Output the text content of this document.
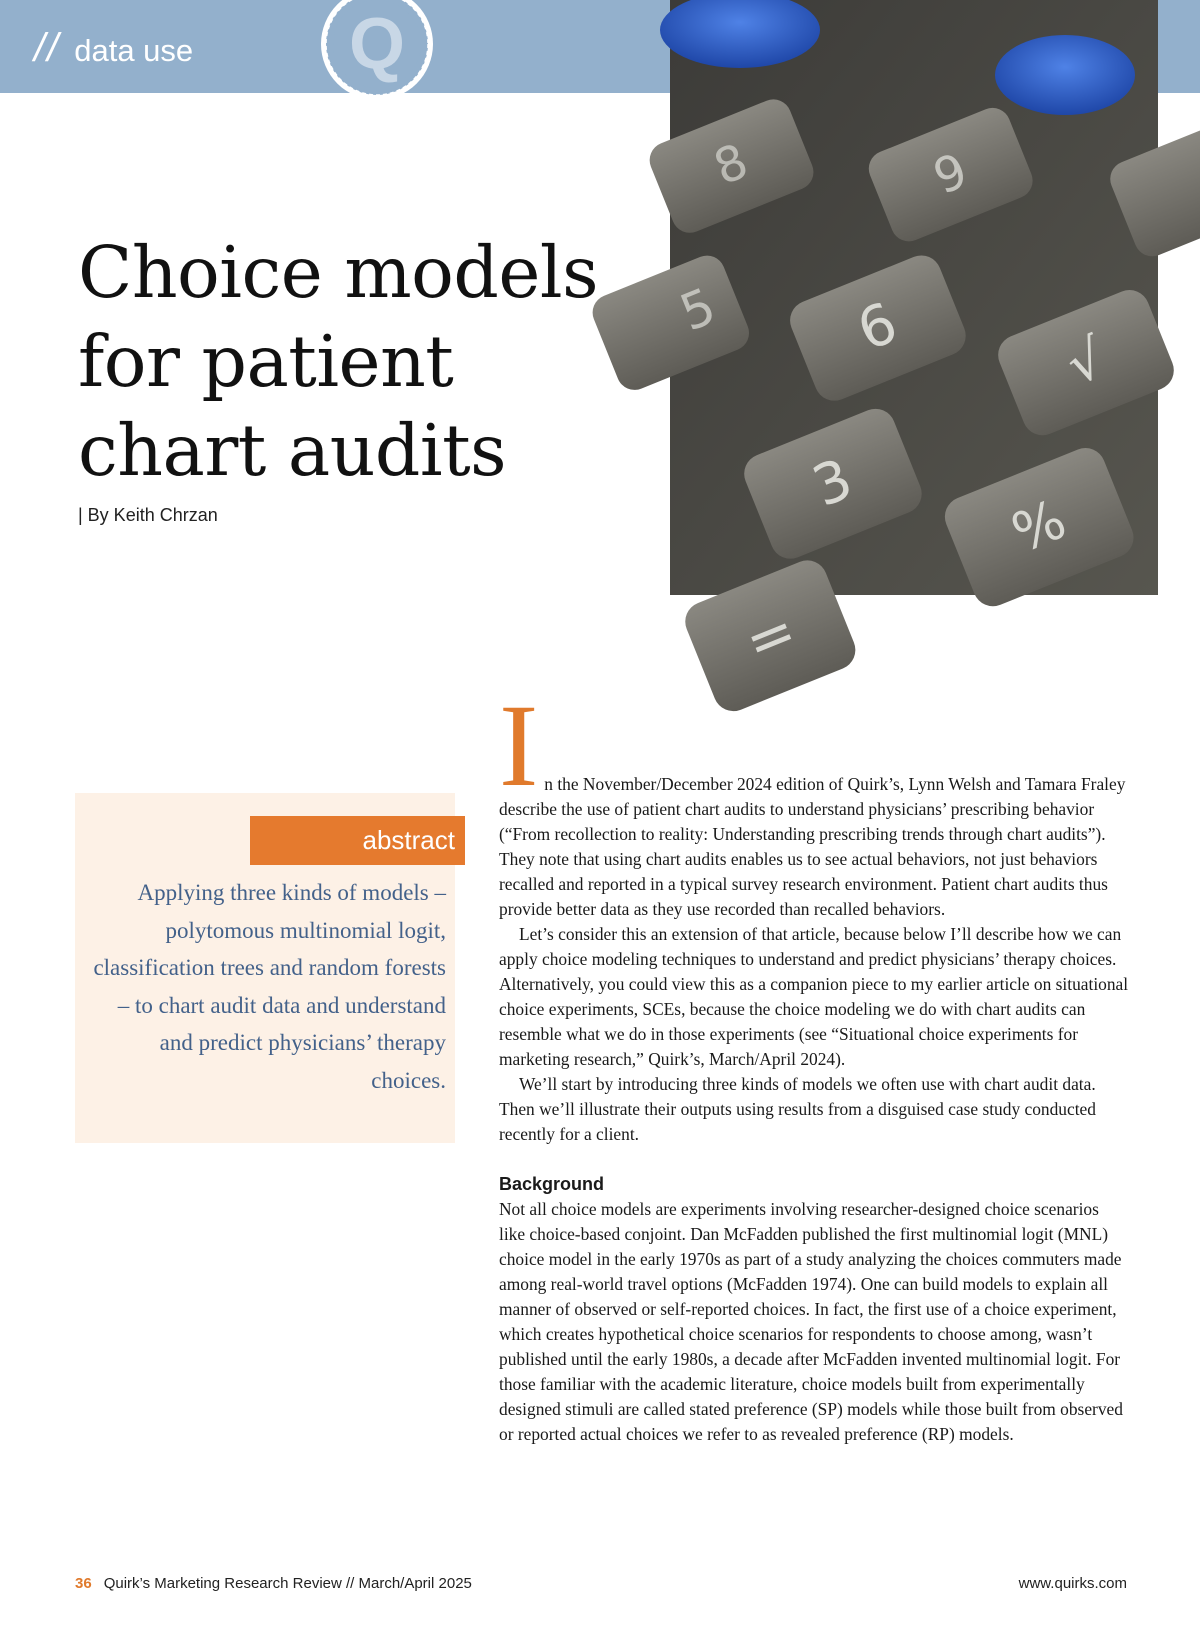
// data use Q
8
5
9
6
3
√
=
%
Choice models for patient chart audits
| By Keith Chrzan
abstract

Applying three kinds of models – polytomous multinomial logit, classification trees and random forests – to chart audit data and understand and predict physicians’ therapy choices.

I n the November/December 2024 edition of Quirk’s, Lynn Welsh and Tamara Fraley describe the use of patient chart audits to understand physicians’ prescribing behavior (“From recollection to reality: Understanding prescribing trends through chart audits”). They note that using chart audits enables us to see actual behaviors, not just behaviors recalled and reported in a typical survey research environment. Patient chart audits thus provide better data as they use recorded than recalled behaviors.

Let’s consider this an extension of that article, because below I’ll describe how we can apply choice modeling techniques to understand and predict physicians’ therapy choices. Alternatively, you could view this as a companion piece to my earlier article on situational choice experiments, SCEs, because the choice modeling we do with chart audits can resemble what we do in those experiments (see “Situational choice experiments for marketing research,” Quirk’s, March/April 2024).

We’ll start by introducing three kinds of models we often use with chart audit data. Then we’ll illustrate their outputs using results from a disguised case study conducted recently for a client.

Background

Not all choice models are experiments involving researcher-designed choice scenarios like choice-based conjoint. Dan McFadden published the first multinomial logit (MNL) choice model in the early 1970s as part of a study analyzing the choices commuters made among real-world travel options (McFadden 1974). One can build models to explain all manner of observed or self-reported choices. In fact, the first use of a choice experiment, which creates hypothetical choice scenarios for respondents to choose among, wasn’t published until the early 1980s, a decade after McFadden invented multinomial logit. For those familiar with the academic literature, choice models built from experimentally designed stimuli are called stated preference (SP) models while those built from observed or reported actual choices we refer to as revealed preference (RP) models.

36 Quirk’s Marketing Research Review // March/April 2025	www.quirks.com
